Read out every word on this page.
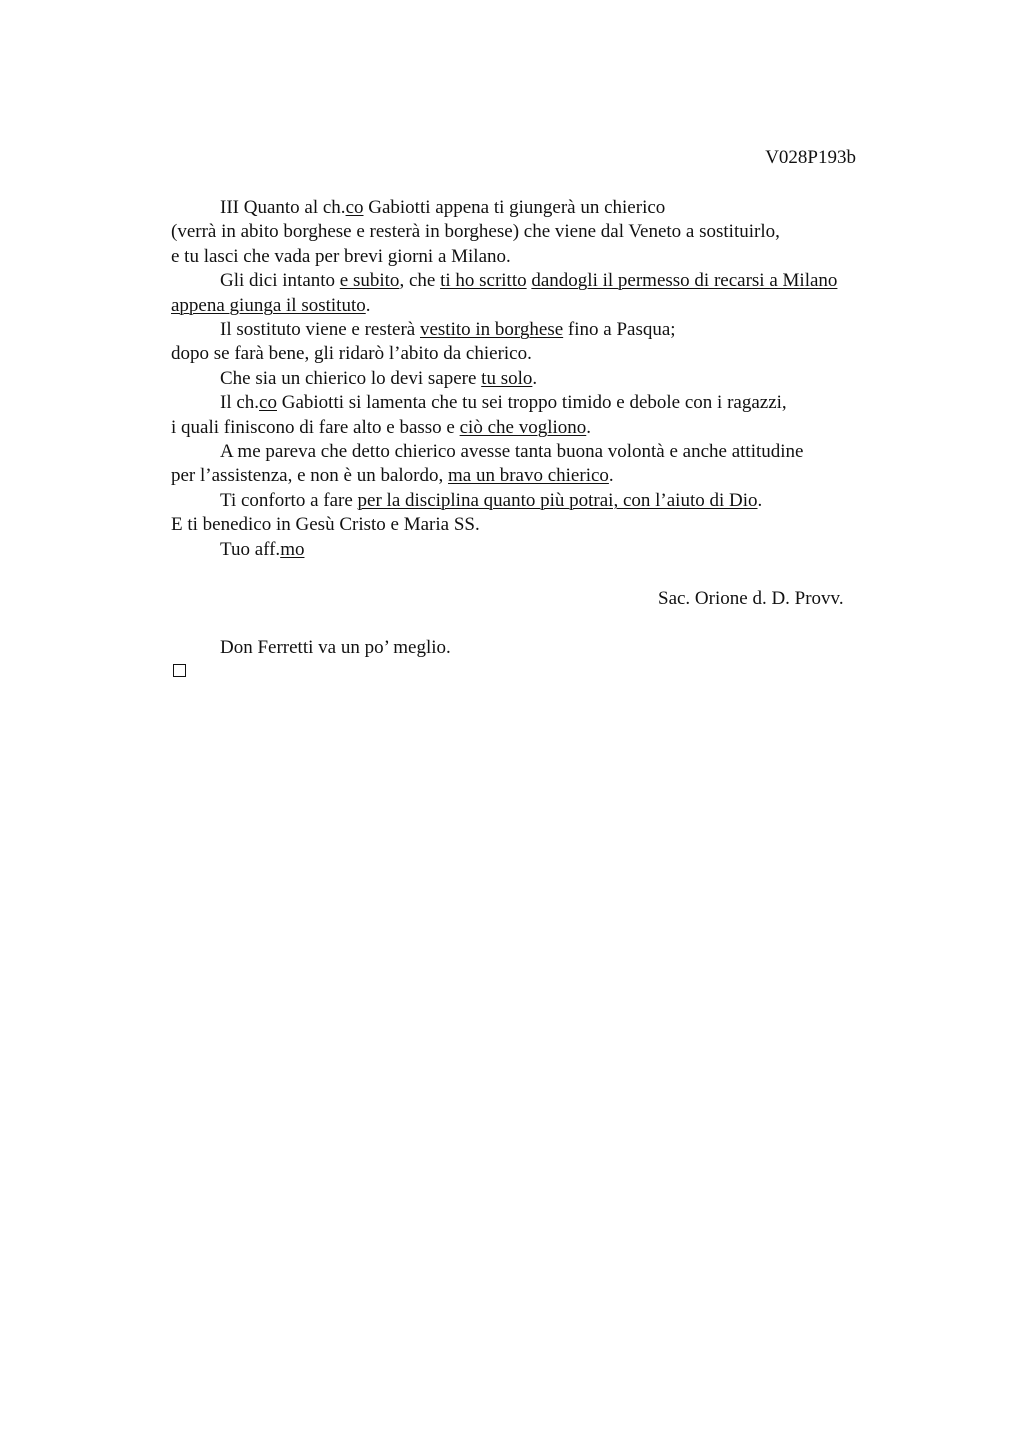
V028P193b
III Quanto al ch.co Gabiotti appena ti giungerà un chierico
(verrà in abito borghese e resterà in borghese) che viene dal Veneto a sostituirlo,
e tu lasci che vada per brevi giorni a Milano.
Gli dici intanto e subito, che ti ho scritto dandogli il permesso di recarsi a Milano
appena giunga il sostituto.
Il sostituto viene e resterà vestito in borghese fino a Pasqua;
dopo se farà bene, gli ridarò l’abito da chierico.
Che sia un chierico lo devi sapere tu solo.
Il ch.co Gabiotti si lamenta che tu sei troppo timido e debole con i ragazzi,
i quali finiscono di fare alto e basso e ciò che vogliono.
A me pareva che detto chierico avesse tanta buona volontà e anche attitudine
per l’assistenza, e non è un balordo, ma un bravo chierico.
Ti conforto a fare per la disciplina quanto più potrai, con l’aiuto di Dio.
E ti benedico in Gesù Cristo e Maria SS.
Tuo aff.mo
Sac. Orione d. D. Provv.
Don Ferretti va un po’ meglio.
